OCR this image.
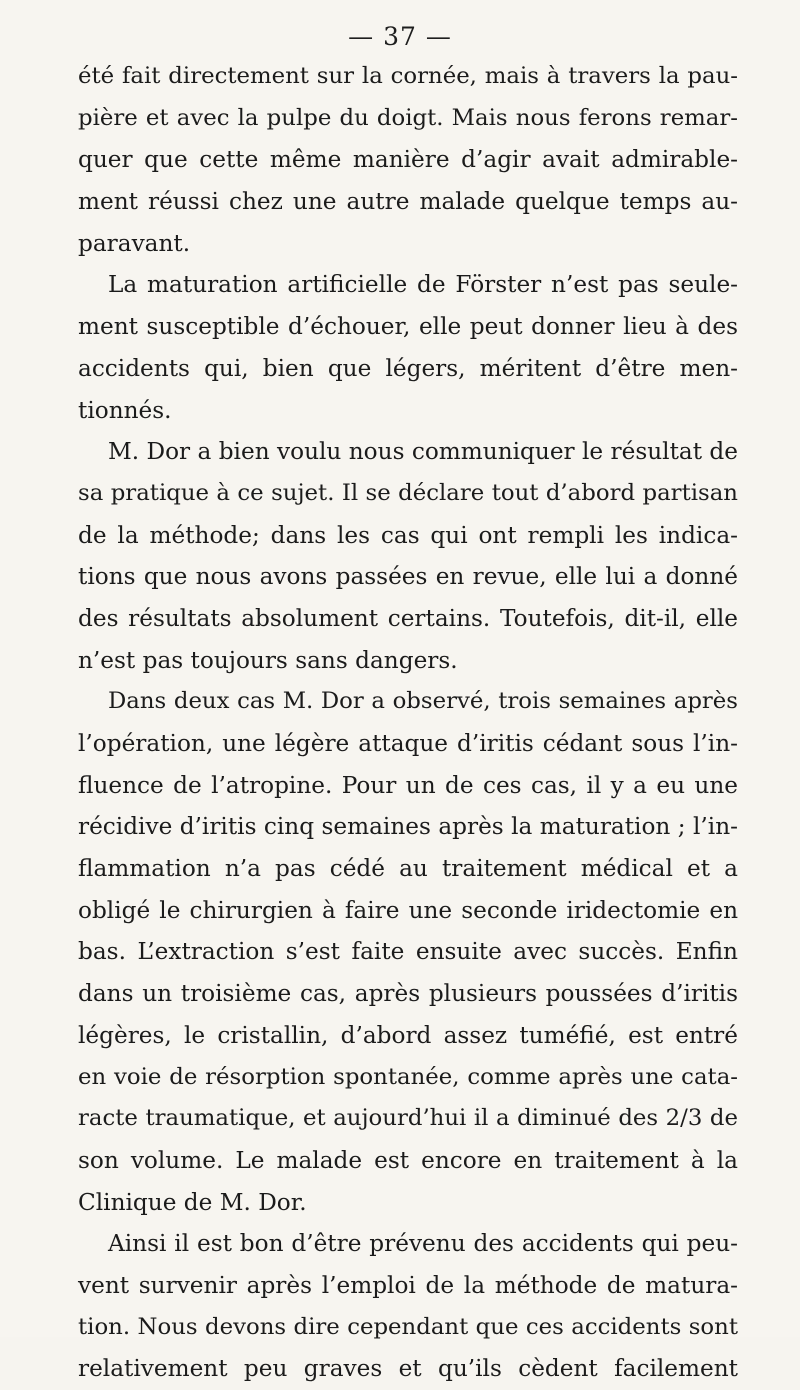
— 37 —
été fait directement sur la cornée, mais à travers la pau-
pière et avec la pulpe du doigt. Mais nous ferons remar-
quer que cette même manière d’agir avait admirable-
ment réussi chez une autre malade quelque temps au-
paravant.
La maturation artificielle de Förster n’est pas seule-
ment susceptible d’échouer, elle peut donner lieu à des
accidents qui, bien que légers, méritent d’être men-
tionnés.
M. Dor a bien voulu nous communiquer le résultat de
sa pratique à ce sujet. Il se déclare tout d’abord partisan
de la méthode; dans les cas qui ont rempli les indica-
tions que nous avons passées en revue, elle lui a donné
des résultats absolument certains. Toutefois, dit-il, elle
n’est pas toujours sans dangers.
Dans deux cas M. Dor a observé, trois semaines après
l’opération, une légère attaque d’iritis cédant sous l’in-
fluence de l’atropine. Pour un de ces cas, il y a eu une
récidive d’iritis cinq semaines après la maturation ; l’in-
flammation n’a pas cédé au traitement médical et a
obligé le chirurgien à faire une seconde iridectomie en
bas. L’extraction s’est faite ensuite avec succès. Enfin
dans un troisième cas, après plusieurs poussées d’iritis
légères, le cristallin, d’abord assez tuméfié, est entré
en voie de résorption spontanée, comme après une cata-
racte traumatique, et aujourd’hui il a diminué des 2/3 de
son volume. Le malade est encore en traitement à la
Clinique de M. Dor.
Ainsi il est bon d’être prévenu des accidents qui peu-
vent survenir après l’emploi de la méthode de matura-
tion. Nous devons dire cependant que ces accidents sont
relativement peu graves et qu’ils cèdent facilement
